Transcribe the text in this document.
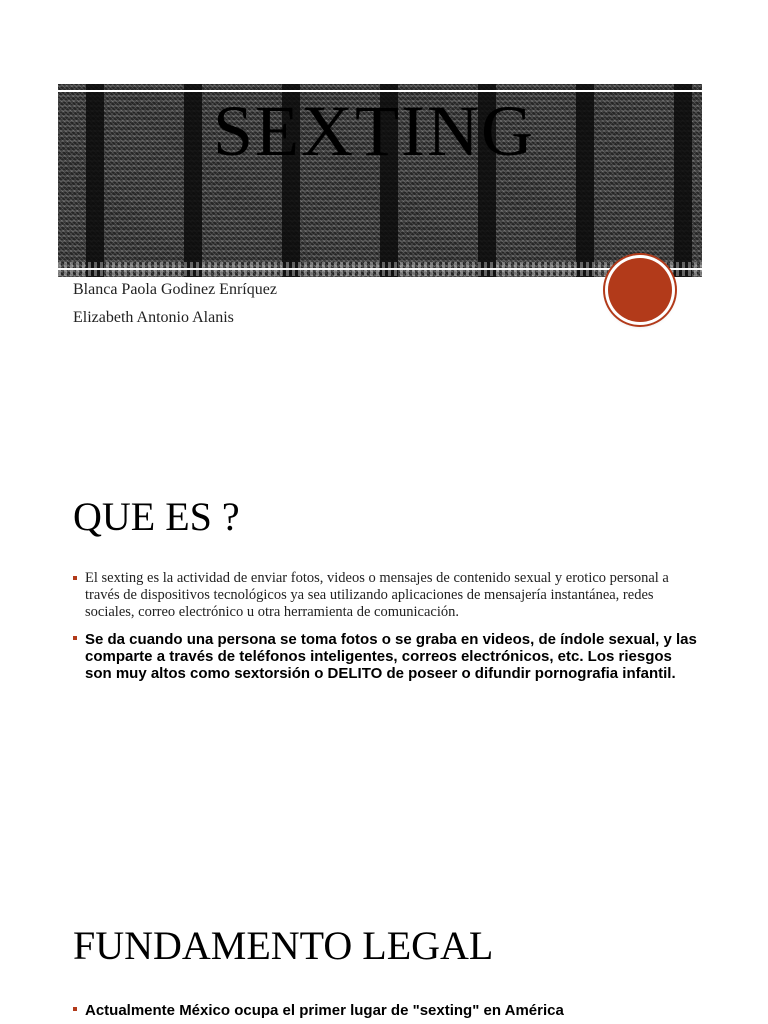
SEXTING

Blanca Paola Godinez Enríquez

Elizabeth Antonio Alanis

QUE ES ?
El sexting es la actividad de enviar fotos, videos o mensajes de contenido sexual y erotico personal a través de dispositivos tecnológicos ya sea utilizando aplicaciones de mensajería instantánea, redes sociales, correo electrónico u otra herramienta de comunicación.
Se da cuando una persona se toma fotos o se graba en videos, de índole sexual, y las comparte a través de teléfonos inteligentes, correos electrónicos, etc. Los riesgos son muy altos como sextorsión o DELITO de poseer o difundir pornografia infantil.
FUNDAMENTO LEGAL
Actualmente México ocupa el primer lugar de "sexting" en América
